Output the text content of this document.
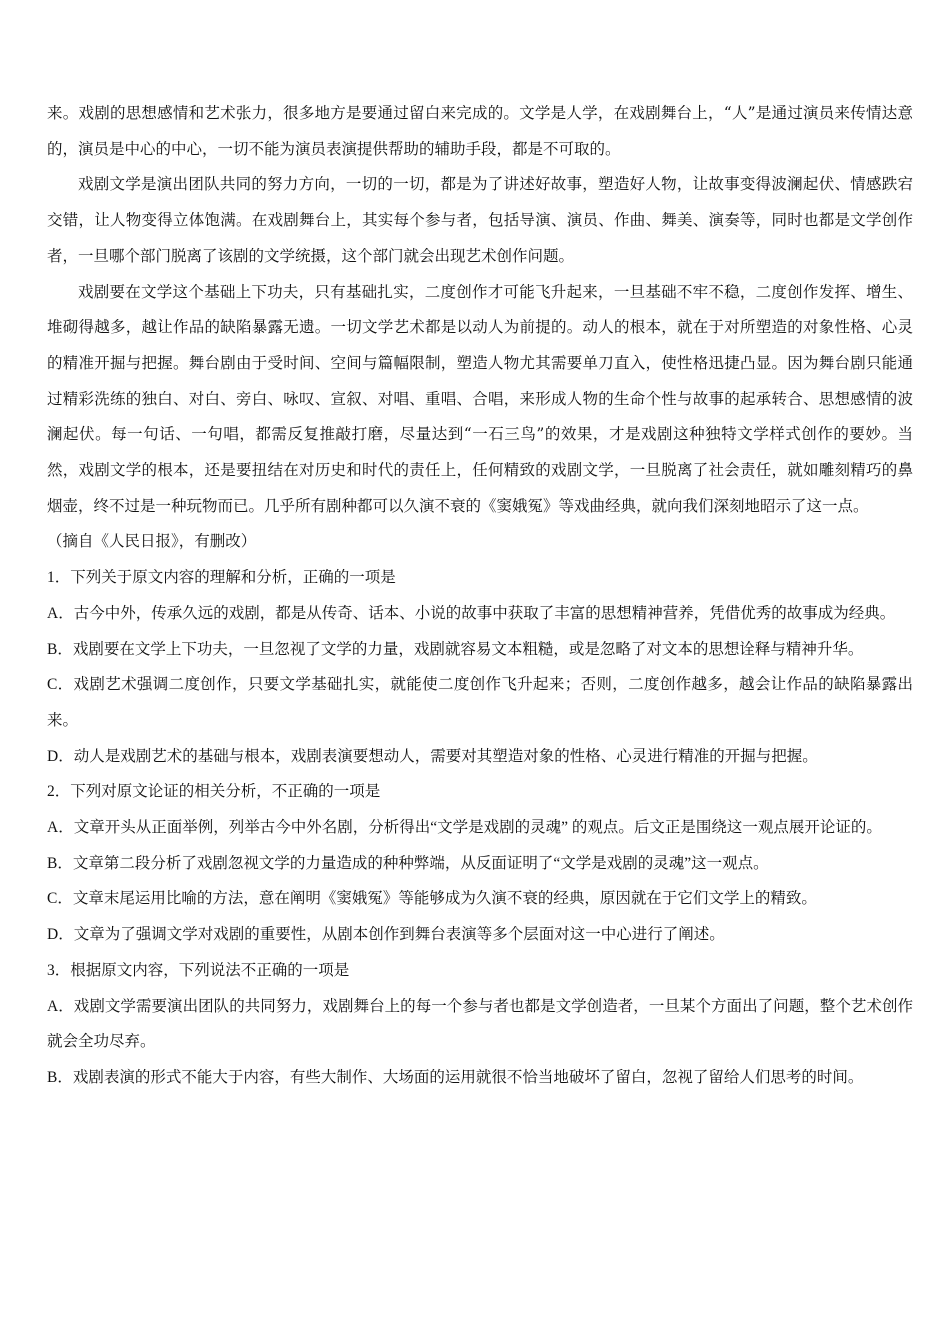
来。戏剧的思想感情和艺术张力，很多地方是要通过留白来完成的。文学是人学，在戏剧舞台上，“人”是通过演员来传情达意的，演员是中心的中心，一切不能为演员表演提供帮助的辅助手段，都是不可取的。

戏剧文学是演出团队共同的努力方向，一切的一切，都是为了讲述好故事，塑造好人物，让故事变得波澜起伏、情感跌宕交错，让人物变得立体饱满。在戏剧舞台上，其实每个参与者，包括导演、演员、作曲、舞美、演奏等，同时也都是文学创作者，一旦哪个部门脱离了该剧的文学统摄，这个部门就会出现艺术创作问题。

戏剧要在文学这个基础上下功夫，只有基础扎实，二度创作才可能飞升起来，一旦基础不牢不稳，二度创作发挥、增生、堆砌得越多，越让作品的缺陷暴露无遗。一切文学艺术都是以动人为前提的。动人的根本，就在于对所塑造的对象性格、心灵的精准开掘与把握。舞台剧由于受时间、空间与篇幅限制，塑造人物尤其需要单刀直入，使性格迅捷凸显。因为舞台剧只能通过精彩洗练的独白、对白、旁白、咏叹、宣叙、对唱、重唱、合唱，来形成人物的生命个性与故事的起承转合、思想感情的波澜起伏。每一句话、一句唱，都需反复推敲打磨，尽量达到“一石三鸟”的效果，才是戏剧这种独特文学样式创作的要妙。当然，戏剧文学的根本，还是要扭结在对历史和时代的责任上，任何精致的戏剧文学，一旦脱离了社会责任，就如雕刻精巧的鼻烟壶，终不过是一种玩物而已。几乎所有剧种都可以久演不衰的《窦娥冤》等戏曲经典，就向我们深刻地昭示了这一点。

（摘自《人民日报》，有删改）

1．下列关于原文内容的理解和分析，正确的一项是

A．古今中外，传承久远的戏剧，都是从传奇、话本、小说的故事中获取了丰富的思想精神营养，凭借优秀的故事成为经典。

B．戏剧要在文学上下功夫，一旦忽视了文学的力量，戏剧就容易文本粗糙，或是忽略了对文本的思想诠释与精神升华。

C．戏剧艺术强调二度创作，只要文学基础扎实，就能使二度创作飞升起来；否则，二度创作越多，越会让作品的缺陷暴露出来。

D．动人是戏剧艺术的基础与根本，戏剧表演要想动人，需要对其塑造对象的性格、心灵进行精准的开掘与把握。

2．下列对原文论证的相关分析，不正确的一项是

A．文章开头从正面举例，列举古今中外名剧，分析得出“文学是戏剧的灵魂” 的观点。后文正是围绕这一观点展开论证的。

B．文章第二段分析了戏剧忽视文学的力量造成的种种弊端，从反面证明了“文学是戏剧的灵魂”这一观点。

C．文章末尾运用比喻的方法，意在阐明《窦娥冤》等能够成为久演不衰的经典，原因就在于它们文学上的精致。

D．文章为了强调文学对戏剧的重要性，从剧本创作到舞台表演等多个层面对这一中心进行了阐述。

3．根据原文内容，下列说法不正确的一项是

A．戏剧文学需要演出团队的共同努力，戏剧舞台上的每一个参与者也都是文学创造者，一旦某个方面出了问题，整个艺术创作就会全功尽弃。

B．戏剧表演的形式不能大于内容，有些大制作、大场面的运用就很不恰当地破坏了留白，忽视了留给人们思考的时间。
